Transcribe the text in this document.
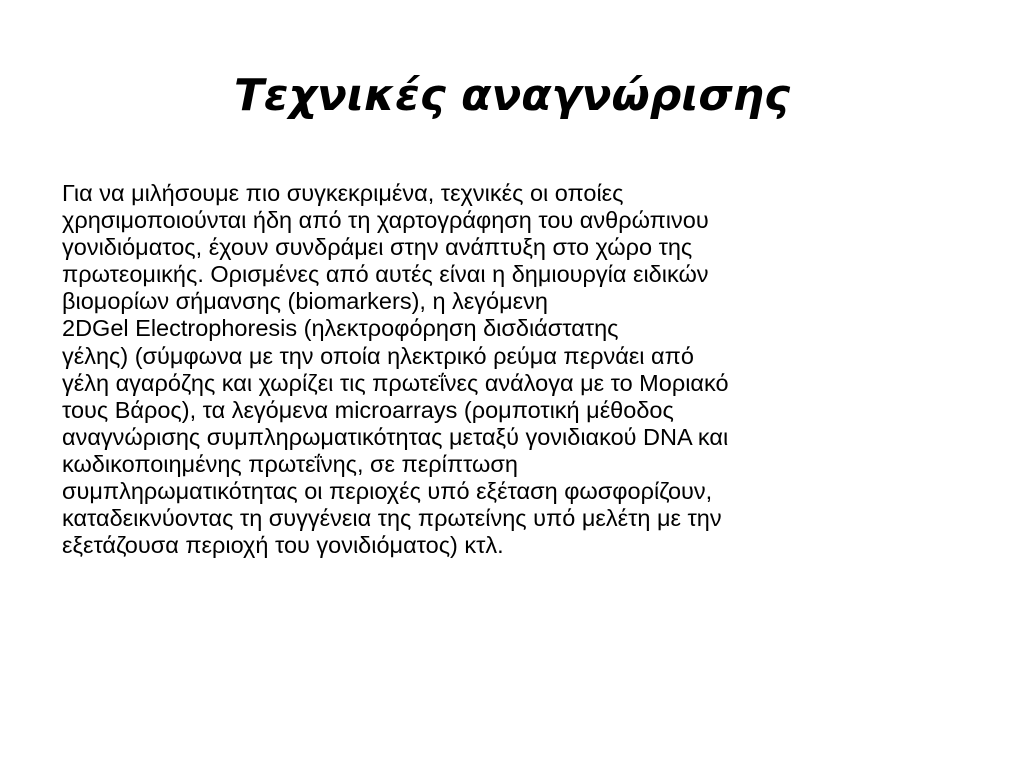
Τεχνικές αναγνώρισης
Για να μιλήσουμε πιο συγκεκριμένα, τεχνικές οι οποίες
χρησιμοποιούνται ήδη από τη χαρτογράφηση του ανθρώπινου
γονιδιόματος, έχουν συνδράμει στην ανάπτυξη στο χώρο της
πρωτεομικής. Ορισμένες από αυτές είναι η δημιουργία ειδικών
βιομορίων σήμανσης (biomarkers), η λεγόμενη
2DGel Electrophoresis (ηλεκτροφόρηση δισδιάστατης
γέλης) (σύμφωνα με την οποία ηλεκτρικό ρεύμα περνάει από
γέλη αγαρόζης και χωρίζει τις πρωτεΐνες ανάλογα με το Μοριακό
τους Βάρος), τα λεγόμενα microarrays (ρομποτική μέθοδος
αναγνώρισης συμπληρωματικότητας μεταξύ γονιδιακού DNA και
κωδικοποιημένης πρωτεΐνης, σε περίπτωση
συμπληρωματικότητας οι περιοχές υπό εξέταση φωσφορίζουν,
καταδεικνύοντας τη συγγένεια της πρωτείνης υπό μελέτη με την
εξετάζουσα περιοχή του γονιδιόματος) κτλ.
